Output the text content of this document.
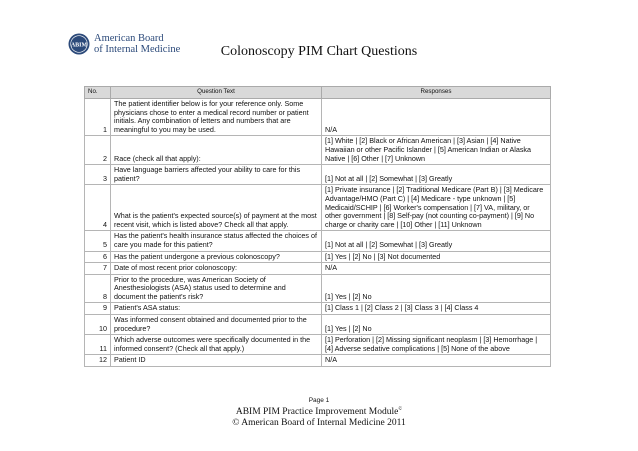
ABIM
American Board
of Internal Medicine	Colonoscopy PIM Chart Questions
No.	Question Text	Responses
1	The patient identifier below is for your reference only. Some physicians chose to enter a medical record number or patient initials. Any combination of letters and numbers that are meaningful to you may be used.	N/A
2	Race (check all that apply):	[1] White | [2] Black or African American | [3] Asian | [4] Native Hawaiian or other Pacific Islander | [5] American Indian or Alaska Native | [6] Other | [7] Unknown
3	Have language barriers affected your ability to care for this patient?	[1] Not at all | [2] Somewhat | [3] Greatly
4	What is the patient's expected source(s) of payment at the most recent visit, which is listed above? Check all that apply.	[1] Private insurance | [2] Traditional Medicare (Part B) | [3] Medicare Advantage/HMO (Part C) | [4] Medicare - type unknown | [5] Medicaid/SCHIP | [6] Worker's compensation | [7] VA, military, or other government | [8] Self-pay (not counting co-payment) | [9] No charge or charity care | [10] Other | [11] Unknown
5	Has the patient's health insurance status affected the choices of care you made for this patient?	[1] Not at all | [2] Somewhat | [3] Greatly
6	Has the patient undergone a previous colonoscopy?	[1] Yes | [2] No | [3] Not documented
7	Date of most recent prior colonoscopy:	N/A
8	Prior to the procedure, was American Society of Anesthesiologists (ASA) status used to determine and document the patient's risk?	[1] Yes | [2] No
9	Patient's ASA status:	[1] Class 1 | [2] Class 2 | [3] Class 3 | [4] Class 4
10	Was informed consent obtained and documented prior to the procedure?	[1] Yes | [2] No
11	Which adverse outcomes were specifically documented in the informed consent? (Check all that apply.)	[1] Perforation | [2] Missing significant neoplasm | [3] Hemorrhage | [4] Adverse sedative complications | [5] None of the above
12	Patient ID	N/A
Page 1
ABIM PIM Practice Improvement Module©
© American Board of Internal Medicine 2011
